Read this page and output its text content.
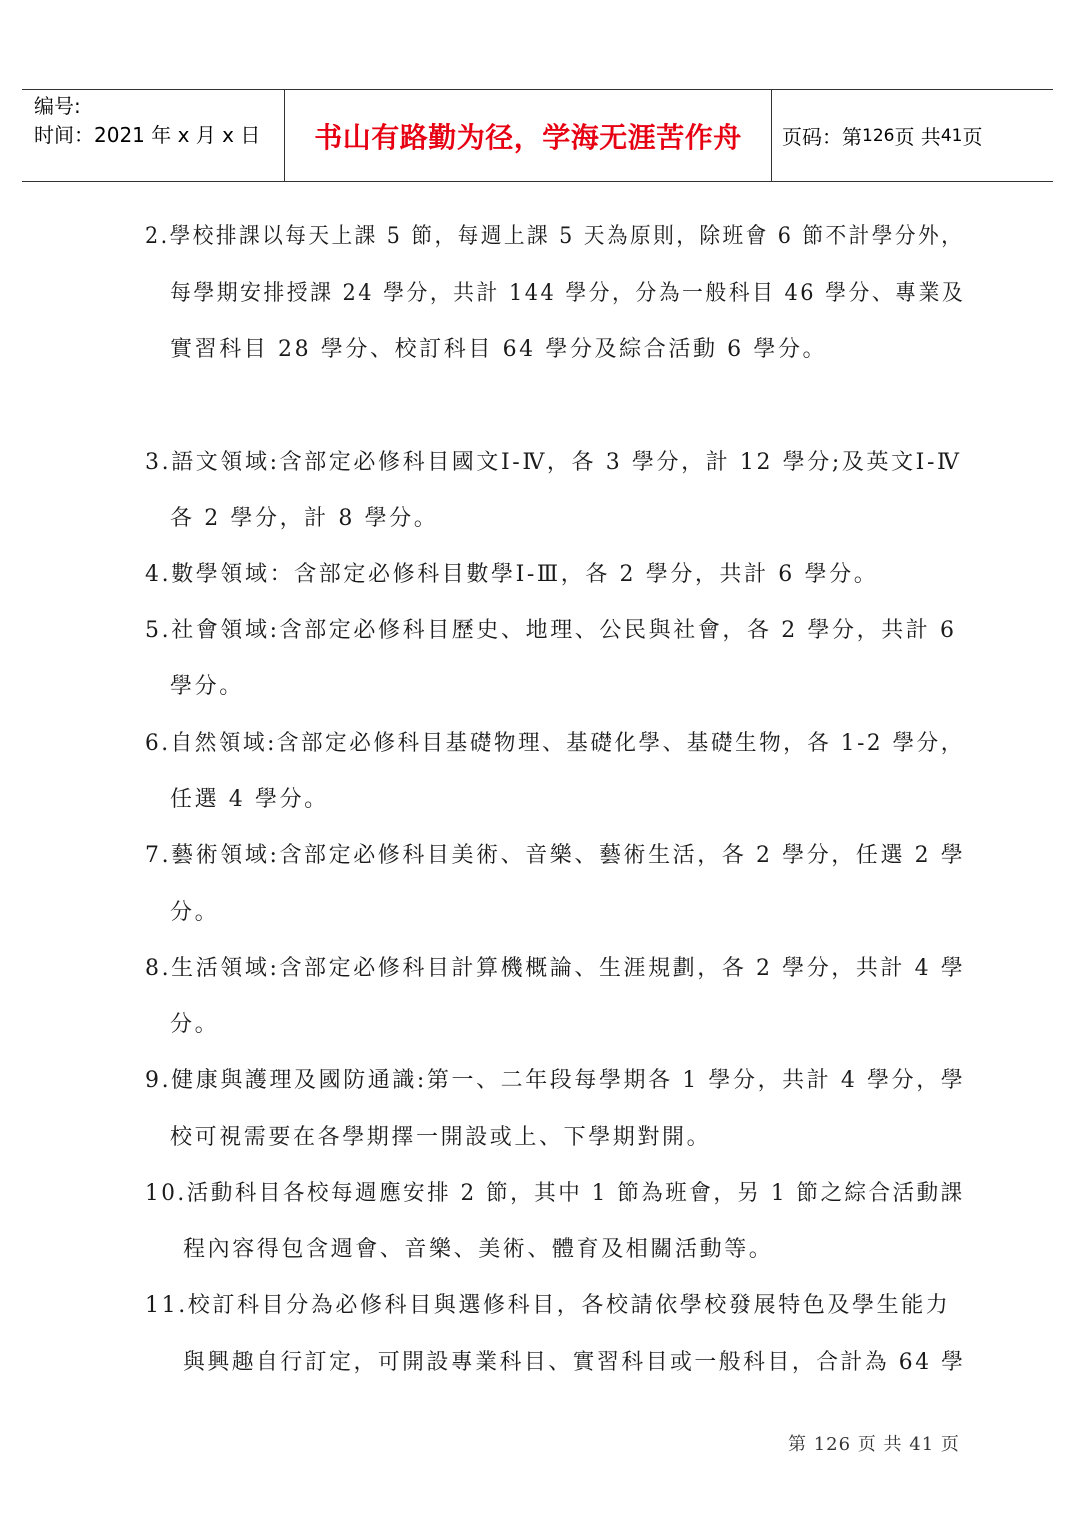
编号:
时间：2021 年 x 月 x 日	书山有路勤为径，学海无涯苦作舟	页码：第 126 页 共 41 页
2.學校排課以每天上課 5 節，每週上課 5 天為原則，除班會 6 節不計學分外，
每學期安排授課 24 學分，共計 144 學分，分為一般科目 46 學分、專業及
實習科目 28 學分、校訂科目 64 學分及綜合活動 6 學分。
3.語文領域:含部定必修科目國文Ⅰ-Ⅳ，各 3 學分，計 12 學分;及英文Ⅰ-Ⅳ
各 2 學分，計 8 學分。
4.數學領域：含部定必修科目數學Ⅰ-Ⅲ，各 2 學分，共計 6 學分。
5.社會領域:含部定必修科目歷史、地理、公民與社會，各 2 學分，共計 6
學分。
6.自然領域:含部定必修科目基礎物理、基礎化學、基礎生物，各 1-2 學分，
任選 4 學分。
7.藝術領域:含部定必修科目美術、音樂、藝術生活，各 2 學分，任選 2 學
分。
8.生活領域:含部定必修科目計算機概論、生涯規劃，各 2 學分，共計 4 學
分。
9.健康與護理及國防通識:第一、二年段每學期各 1 學分，共計 4 學分，學
校可視需要在各學期擇一開設或上、下學期對開。
10.活動科目各校每週應安排 2 節，其中 1 節為班會，另 1 節之綜合活動課
程內容得包含週會、音樂、美術、體育及相關活動等。
11.校訂科目分為必修科目與選修科目，各校請依學校發展特色及學生能力
與興趣自行訂定，可開設專業科目、實習科目或一般科目，合計為 64 學
第 126 页 共 41 页
